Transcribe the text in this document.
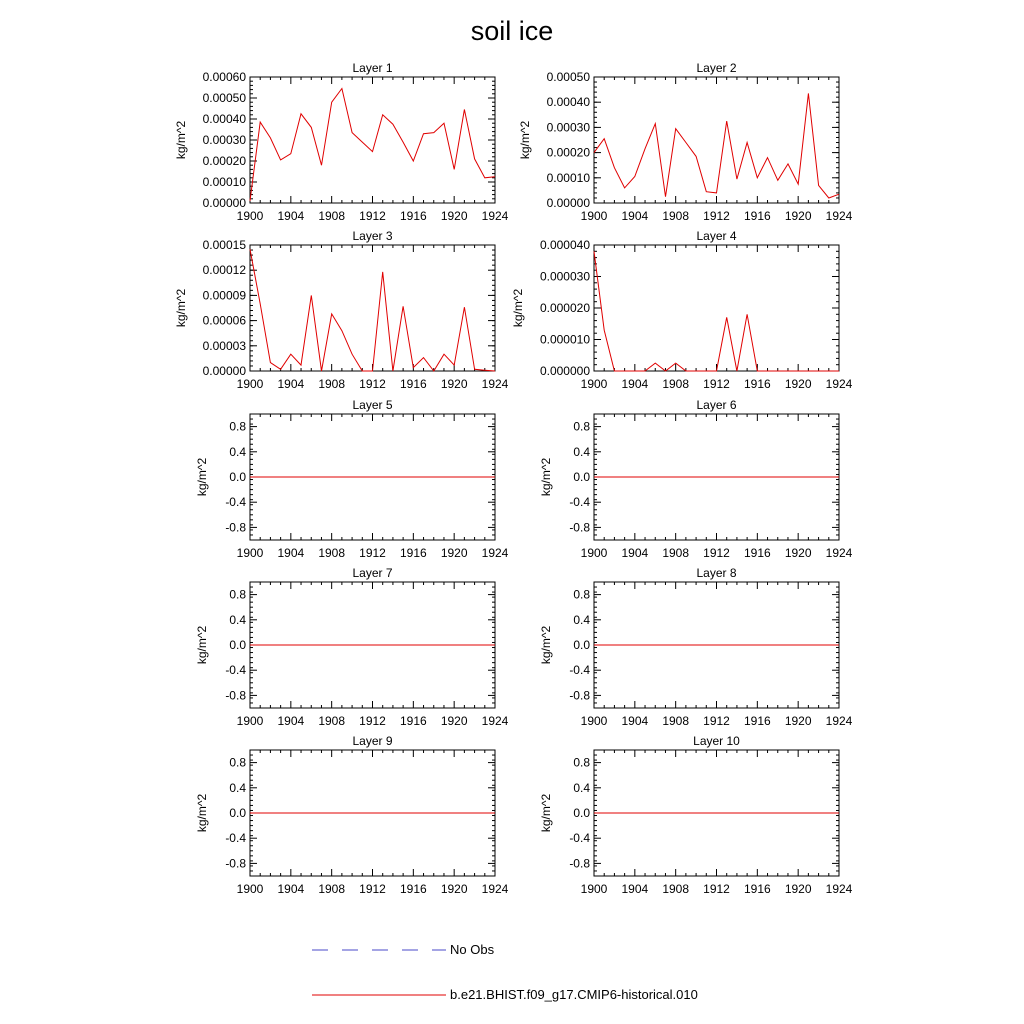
soil ice
Layer 1
1900 1904 1908 1912 1916 1920 1924
0.00000
0.00010
0.00020
0.00030
0.00040
0.00050
0.00060
kg/m^2
Layer 2
1900 1904 1908 1912 1916 1920 1924
0.00000
0.00010
0.00020
0.00030
0.00040
0.00050
kg/m^2
Layer 3
1900 1904 1908 1912 1916 1920 1924
0.00000
0.00003
0.00006
0.00009
0.00012
0.00015
kg/m^2
Layer 4
1900 1904 1908 1912 1916 1920 1924
0.000000
0.000010
0.000020
0.000030
0.000040
kg/m^2
Layer 5
1900 1904 1908 1912 1916 1920 1924
-0.8
-0.4
0.0
0.4
0.8
kg/m^2
Layer 6
1900 1904 1908 1912 1916 1920 1924
-0.8
-0.4
0.0
0.4
0.8
kg/m^2
Layer 7
1900 1904 1908 1912 1916 1920 1924
-0.8
-0.4
0.0
0.4
0.8
kg/m^2
Layer 8
1900 1904 1908 1912 1916 1920 1924
-0.8
-0.4
0.0
0.4
0.8
kg/m^2
Layer 9
1900 1904 1908 1912 1916 1920 1924
-0.8
-0.4
0.0
0.4
0.8
kg/m^2
Layer 10
1900 1904 1908 1912 1916 1920 1924
-0.8
-0.4
0.0
0.4
0.8
kg/m^2
No Obs
b.e21.BHIST.f09_g17.CMIP6-historical.010
